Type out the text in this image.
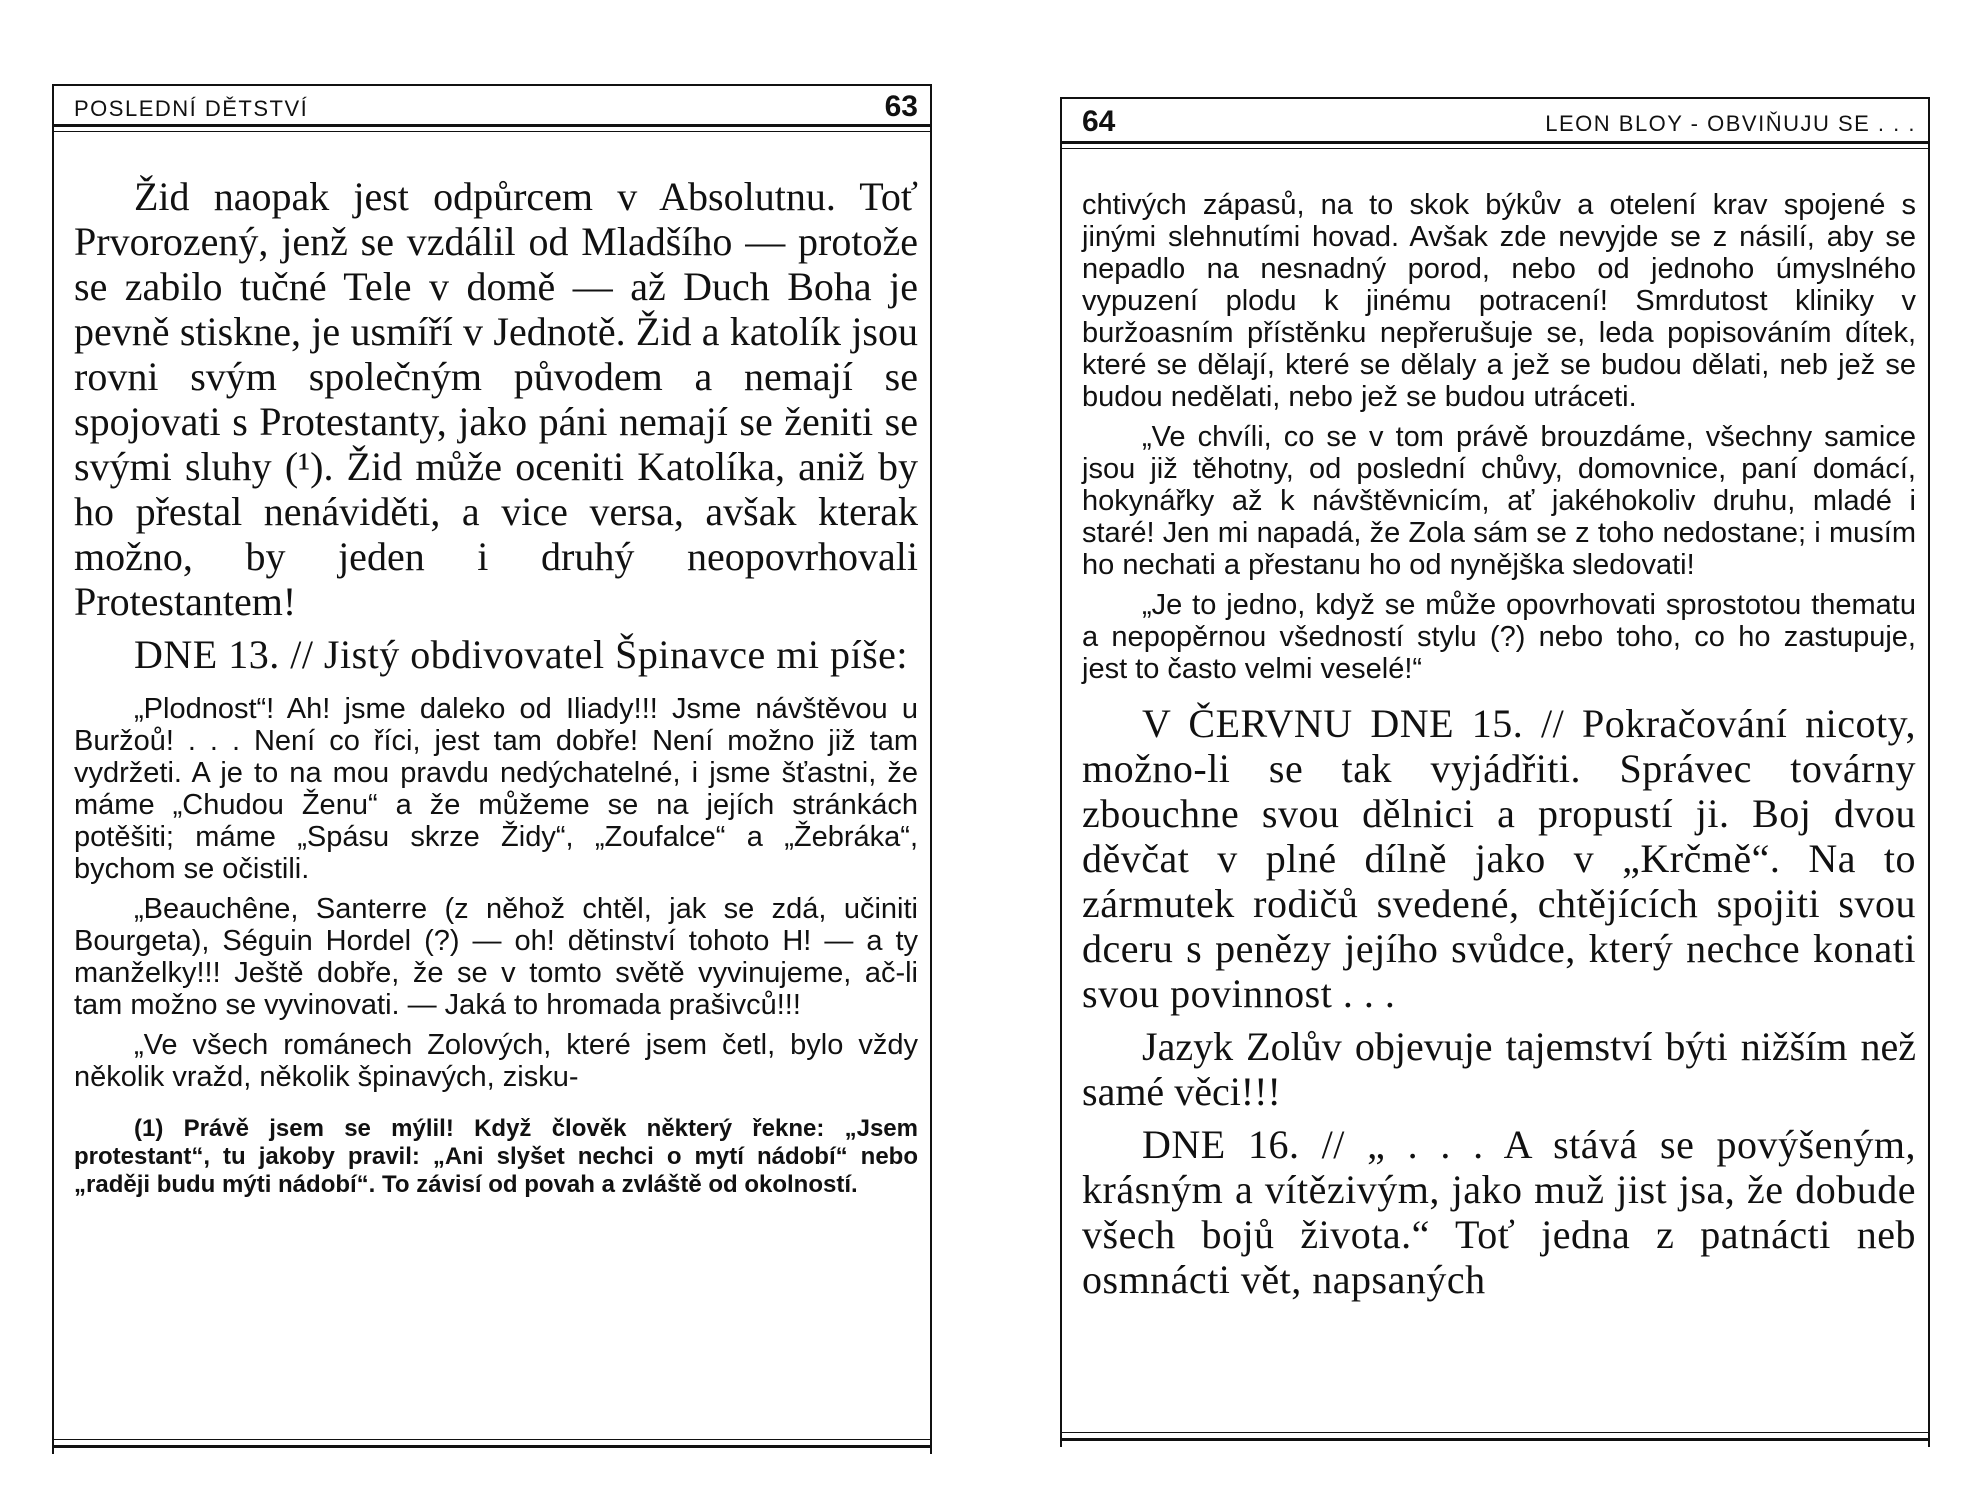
POSLEDNÍ DĚTSTVÍ	63

Žid naopak jest odpůrcem v Absolutnu. Toť Prvorozený, jenž se vzdálil od Mladšího — protože se zabilo tučné Tele v domě — až Duch Boha je pevně stiskne, je usmíří v Jednotě. Žid a katolík jsou rovni svým společným původem a nemají se spojovati s Protestanty, jako páni nemají se ženiti se svými sluhy (¹). Žid může oceniti Katolíka, aniž by ho přestal nenáviděti, a vice versa, avšak kterak možno, by jeden i druhý neopovrhovali Protestantem!

DNE 13. // Jistý obdivovatel Špinavce mi píše:

„Plodnost“! Ah! jsme daleko od Iliady!!! Jsme návštěvou u Buržoů! . . . Není co říci, jest tam dobře! Není možno již tam vydržeti. A je to na mou pravdu nedýchatelné, i jsme šťastni, že máme „Chudou Ženu“ a že můžeme se na jejích stránkách potěšiti; máme „Spásu skrze Židy“, „Zoufalce“ a „Žebráka“, bychom se očistili.

„Beauchêne, Santerre (z něhož chtěl, jak se zdá, učiniti Bourgeta), Séguin Hordel (?) — oh! dětinství tohoto H! — a ty manželky!!! Ještě dobře, že se v tomto světě vyvinujeme, ač-li tam možno se vyvinovati. — Jaká to hromada prašivců!!!

„Ve všech románech Zolových, které jsem četl, bylo vždy několik vražd, několik špinavých, zisku-

(1) Právě jsem se mýlil! Když člověk některý řekne: „Jsem protestant“, tu jakoby pravil: „Ani slyšet nechci o mytí nádobí“ nebo „raději budu mýti nádobí“. To závisí od povah a zvláště od okolností.

64	LEON BLOY - OBVIŇUJU SE . . .

chtivých zápasů, na to skok býkův a otelení krav spojené s jinými slehnutími hovad. Avšak zde nevyjde se z násilí, aby se nepadlo na nesnadný porod, nebo od jednoho úmyslného vypuzení plodu k jinému potracení! Smrdutost kliniky v buržoasním přístěnku nepřerušuje se, leda popisováním dítek, které se dělají, které se dělaly a jež se budou dělati, neb jež se budou nedělati, nebo jež se budou utráceti.

„Ve chvíli, co se v tom právě brouzdáme, všechny samice jsou již těhotny, od poslední chůvy, domovnice, paní domácí, hokynářky až k návštěvnicím, ať jakéhokoliv druhu, mladé i staré! Jen mi napadá, že Zola sám se z toho nedostane; i musím ho nechati a přestanu ho od nynějška sledovati!

„Je to jedno, když se může opovrhovati sprostotou thematu a nepopěrnou všedností stylu (?) nebo toho, co ho zastupuje, jest to často velmi veselé!“

V ČERVNU DNE 15. // Pokračování nicoty, možno-li se tak vyjádřiti. Správec továrny zbouchne svou dělnici a propustí ji. Boj dvou děvčat v plné dílně jako v „Krčmě“. Na to zármutek rodičů svedené, chtějících spojiti svou dceru s penězy jejího svůdce, který nechce konati svou povinnost . . .

Jazyk Zolův objevuje tajemství býti nižším než samé věci!!!

DNE 16. // „ . . . A stává se povýšeným, krásným a vítězivým, jako muž jist jsa, že dobude všech bojů života.“ Toť jedna z patnácti neb osmnácti vět, napsaných
